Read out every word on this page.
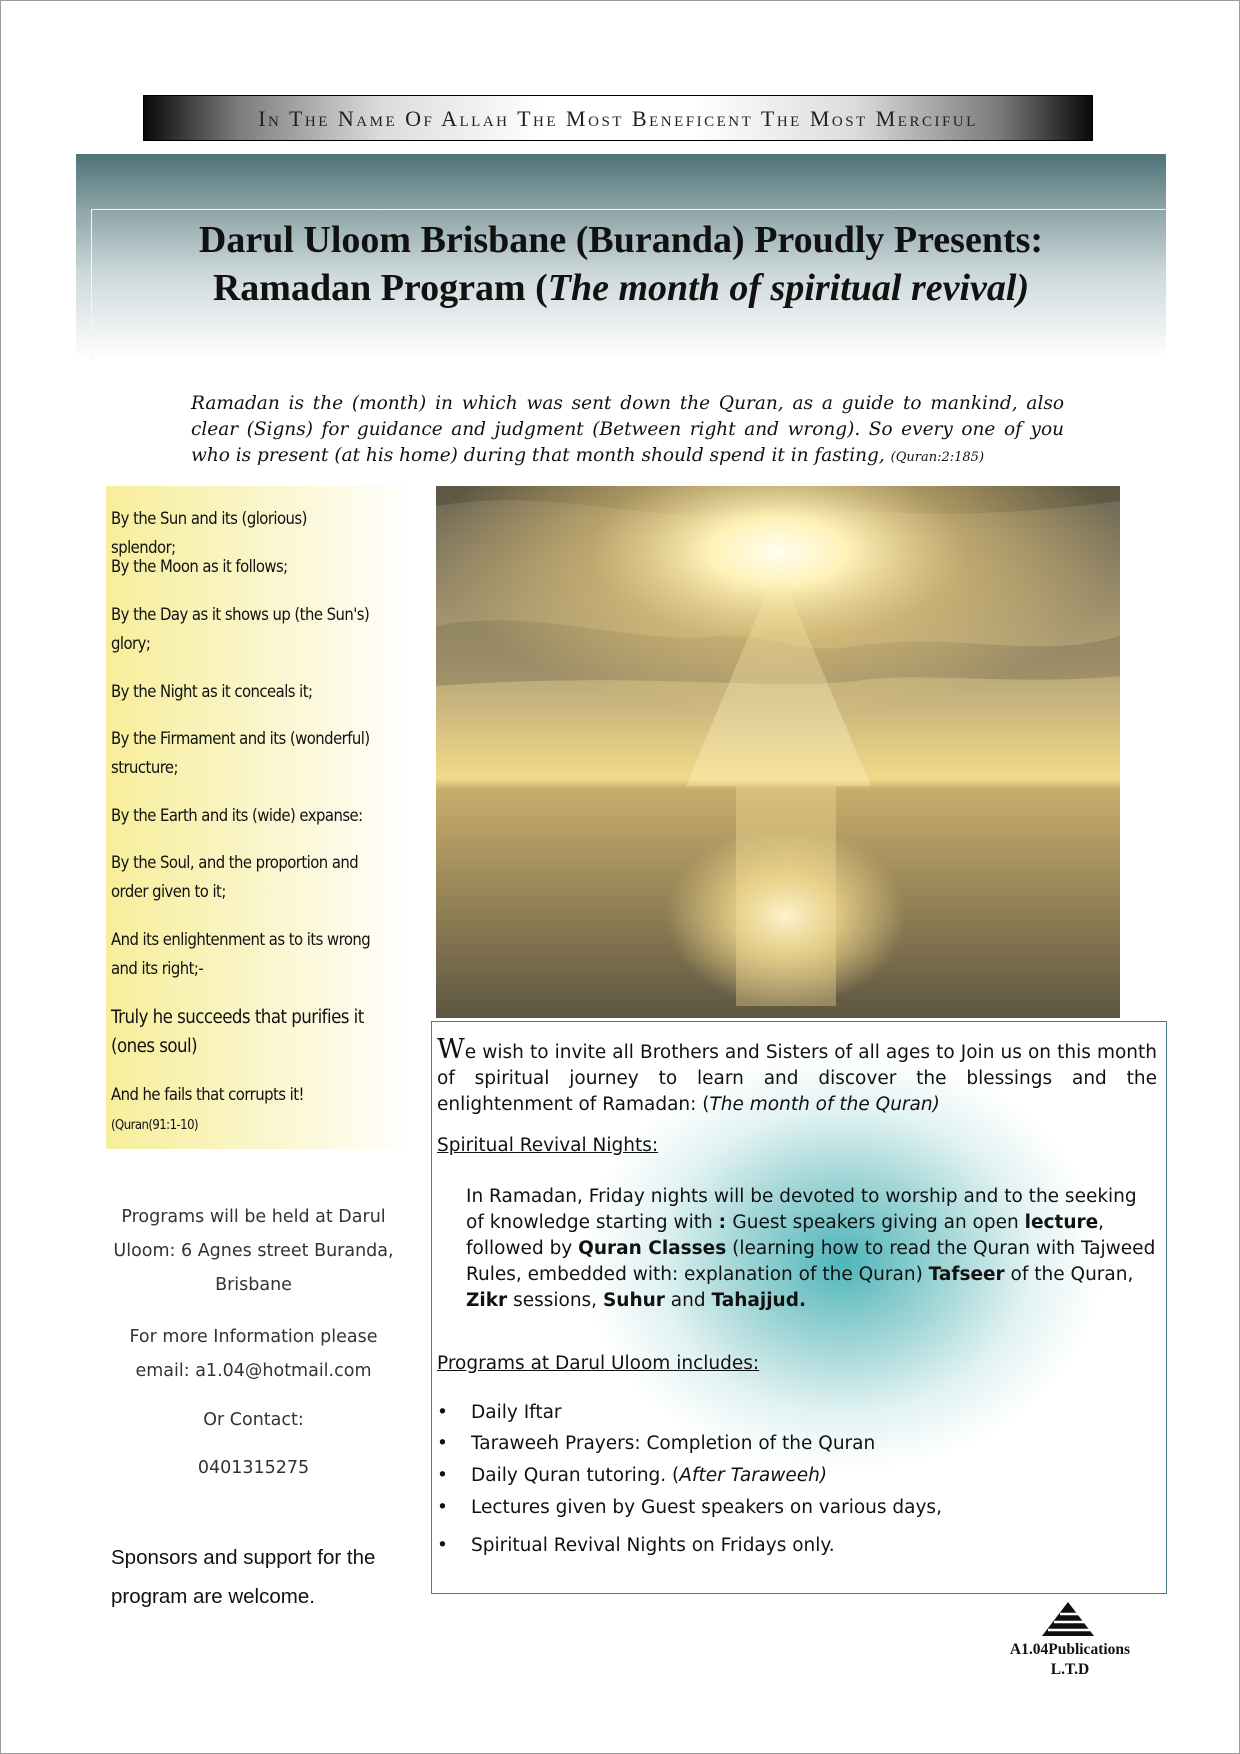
In The Name Of Allah The Most Beneficent The Most Merciful
Darul Uloom Brisbane (Buranda) Proudly Presents:
Ramadan Program (The month of spiritual revival)
Ramadan is the (month) in which was sent down the Quran, as a guide to mankind, also clear (Signs) for guidance and judgment (Between right and wrong). So every one of you who is present (at his home) during that month should spend it in fasting, (Quran:2:185)
By the Sun and its (glorious) splendor;
By the Moon as it follows;
By the Day as it shows up (the Sun's) glory;
By the Night as it conceals it;
By the Firmament and its (wonderful) structure;
By the Earth and its (wide) expanse:
By the Soul, and the proportion and order given to it;
And its enlightenment as to its wrong and its right;-
Truly he succeeds that purifies it (ones soul)
And he fails that corrupts it! (Quran(91:1-10)
Programs will be held at Darul Uloom: 6 Agnes street Buranda, Brisbane
For more Information please email: a1.04@hotmail.com
Or Contact:
0401315275
Sponsors and support for the program are welcome.
We wish to invite all Brothers and Sisters of all ages to Join us on this month of spiritual journey to learn and discover the blessings and the enlightenment of Ramadan: (The month of the Quran)
Spiritual Revival Nights:
In Ramadan, Friday nights will be devoted to worship and to the seeking of knowledge starting with : Guest speakers giving an open lecture, followed by Quran Classes (learning how to read the Quran with Tajweed Rules, embedded with: explanation of the Quran) Tafseer of the Quran, Zikr sessions, Suhur and Tahajjud.
Programs at Darul Uloom includes:
• Daily Iftar
• Taraweeh Prayers: Completion of the Quran
• Daily Quran tutoring. (After Taraweeh)
• Lectures given by Guest speakers on various days,
• Spiritual Revival Nights on Fridays only.
A1.04Publications
L.T.D
